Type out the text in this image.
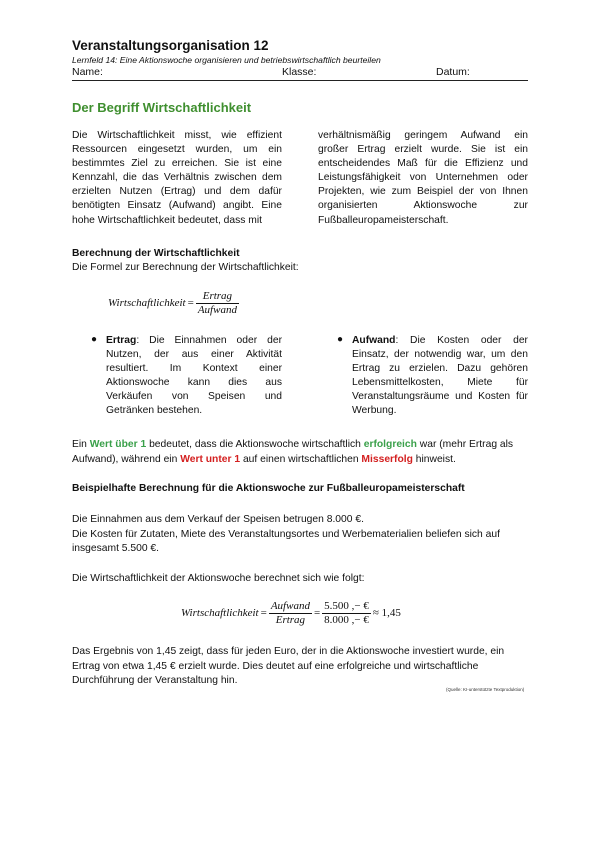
Veranstaltungsorganisation 12
Lernfeld 14: Eine Aktionswoche organisieren und betriebswirtschaftlich beurteilen
Name:	Klasse:	Datum:
Der Begriff Wirtschaftlichkeit
Die Wirtschaftlichkeit misst, wie effizient Ressourcen eingesetzt wurden, um ein bestimmtes Ziel zu erreichen. Sie ist eine Kennzahl, die das Verhältnis zwischen dem erzielten Nutzen (Ertrag) und dem dafür benötigten Einsatz (Aufwand) angibt. Eine hohe Wirtschaftlichkeit bedeutet, dass mit
verhältnismäßig geringem Aufwand ein großer Ertrag erzielt wurde. Sie ist ein entscheidendes Maß für die Effizienz und Leistungsfähigkeit von Unternehmen oder Projekten, wie zum Beispiel der von Ihnen organisierten Aktionswoche zur Fußballeuropameisterschaft.
Berechnung der Wirtschaftlichkeit
Die Formel zur Berechnung der Wirtschaftlichkeit:
Wirtschaftlichkeit = $\frac{\text{Ertrag}}{\text{Aufwand}}$
● Ertrag: Die Einnahmen oder der Nutzen, der aus einer Aktivität resultiert. Im Kontext einer Aktionswoche kann dies aus Verkäufen von Speisen und Getränken bestehen.
● Aufwand: Die Kosten oder der Einsatz, der notwendig war, um den Ertrag zu erzielen. Dazu gehören Lebensmittelkosten, Miete für Veranstaltungsräume und Kosten für Werbung.
Ein Wert über 1 bedeutet, dass die Aktionswoche wirtschaftlich erfolgreich war (mehr Ertrag als Aufwand), während ein Wert unter 1 auf einen wirtschaftlichen Misserfolg hinweist.
Beispielhafte Berechnung für die Aktionswoche zur Fußballeuropameisterschaft
Die Einnahmen aus dem Verkauf der Speisen betrugen 8.000 €.
Die Kosten für Zutaten, Miete des Veranstaltungsortes und Werbematerialien beliefen sich auf insgesamt 5.500 €.
Die Wirtschaftlichkeit der Aktionswoche berechnet sich wie folgt:
Wirtschaftlichkeit = $\frac{\text{Aufwand}}{\text{Ertrag}} = \frac{5.500 ,- €}{8.000 ,- €} \approx 1,45$
Das Ergebnis von 1,45 zeigt, dass für jeden Euro, der in die Aktionswoche investiert wurde, ein Ertrag von etwa 1,45 € erzielt wurde. Dies deutet auf eine erfolgreiche und wirtschaftliche Durchführung der Veranstaltung hin.
(Quelle: KI-unterstützte Textproduktion)
